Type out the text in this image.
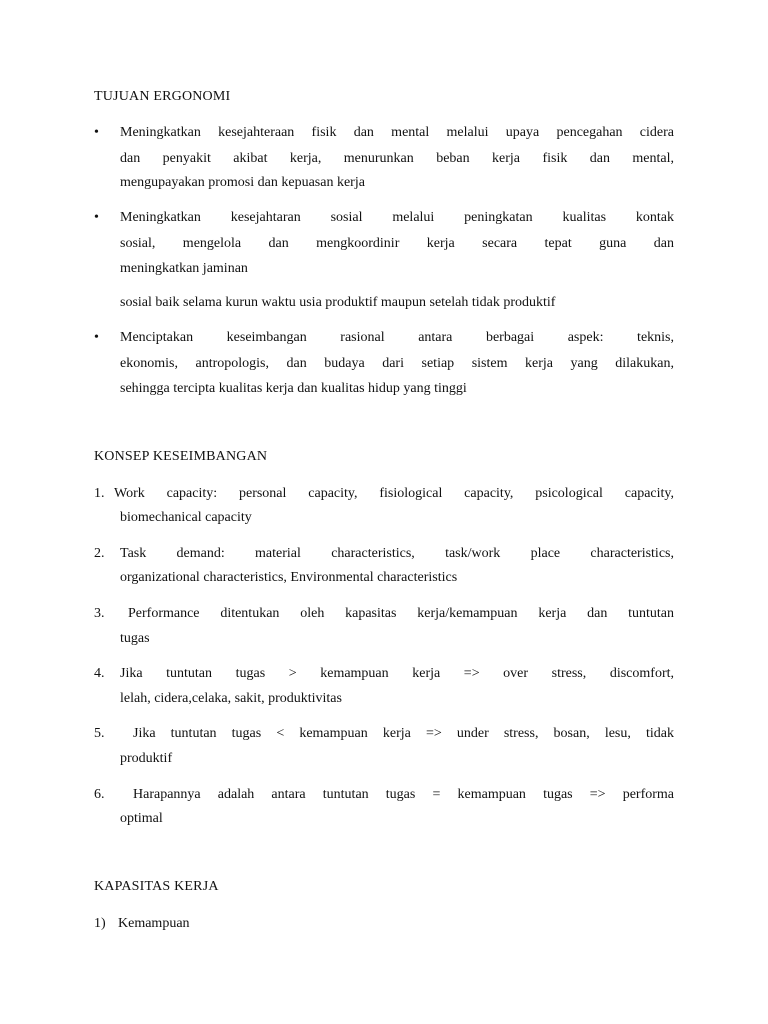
TUJUAN ERGONOMI
• Meningkatkan kesejahteraan fisik dan mental melalui upaya pencegahan cidera
dan penyakit akibat kerja, menurunkan beban kerja fisik dan mental,
mengupayakan promosi dan kepuasan kerja
• Meningkatkan kesejahtaran sosial melalui peningkatan kualitas kontak
sosial, mengelola dan mengkoordinir kerja secara tepat guna dan
meningkatkan jaminan
sosial baik selama kurun waktu usia produktif maupun setelah tidak produktif
• Menciptakan keseimbangan rasional antara berbagai aspek: teknis,
ekonomis, antropologis, dan budaya dari setiap sistem kerja yang dilakukan,
sehingga tercipta kualitas kerja dan kualitas hidup yang tinggi
KONSEP KESEIMBANGAN
1. Work capacity: personal capacity, fisiological capacity, psicological capacity,
biomechanical capacity
2. Task demand: material characteristics, task/work place characteristics,
organizational characteristics, Environmental characteristics
3. Performance ditentukan oleh kapasitas kerja/kemampuan kerja dan tuntutan
tugas
4. Jika tuntutan tugas > kemampuan kerja => over stress, discomfort,
lelah, cidera,celaka, sakit, produktivitas
5. Jika tuntutan tugas < kemampuan kerja => under stress, bosan, lesu, tidak
produktif
6. Harapannya adalah antara tuntutan tugas = kemampuan tugas => performa
optimal
KAPASITAS KERJA
1) Kemampuan
